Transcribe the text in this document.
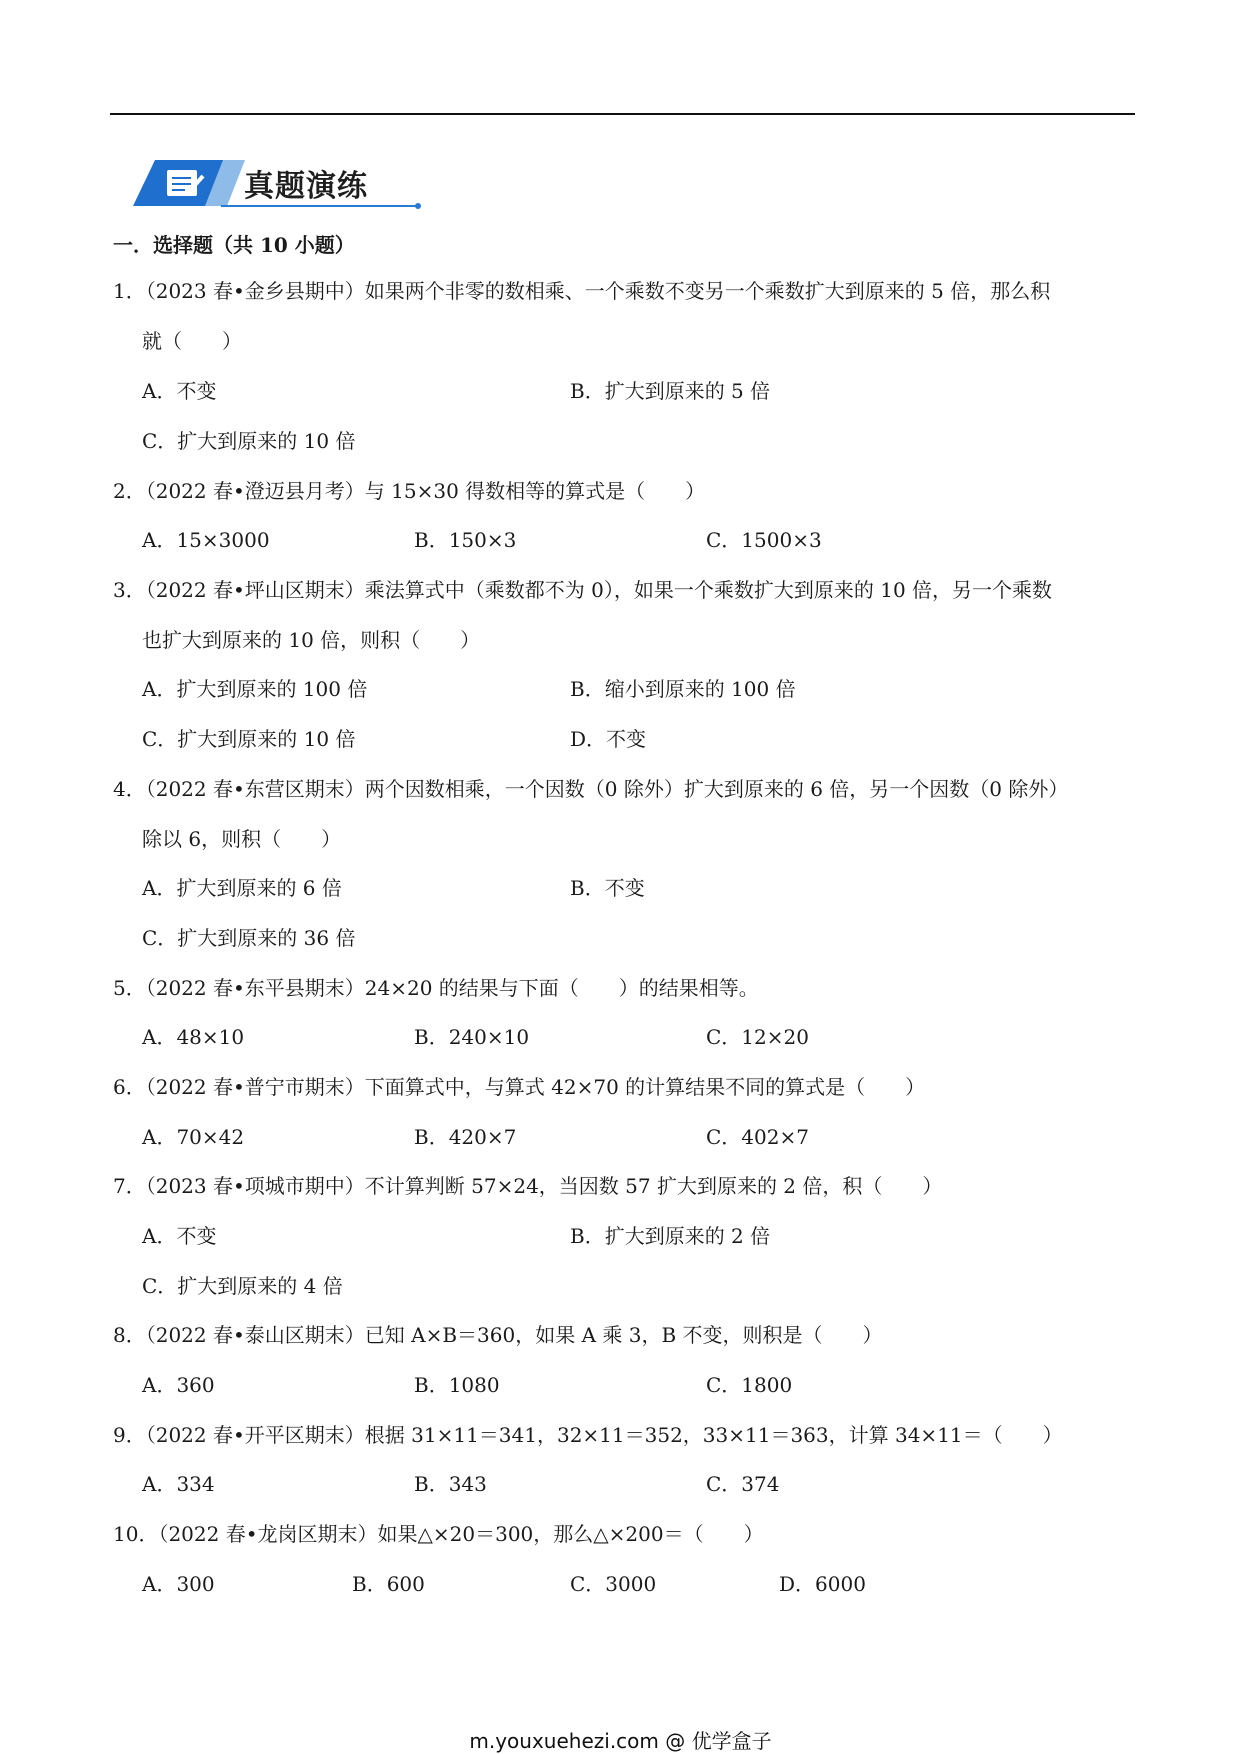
真题演练
一．选择题（共 10 小题）
1．（2023 春•金乡县期中）如果两个非零的数相乘、一个乘数不变另一个乘数扩大到原来的 5 倍，那么积
就（　　）
A．不变	B．扩大到原来的 5 倍
C．扩大到原来的 10 倍
2．（2022 春•澄迈县月考）与 15×30 得数相等的算式是（　　）
A．15×3000	B．150×3	C．1500×3
3．（2022 春•坪山区期末）乘法算式中（乘数都不为 0），如果一个乘数扩大到原来的 10 倍，另一个乘数
也扩大到原来的 10 倍，则积（　　）
A．扩大到原来的 100 倍	B．缩小到原来的 100 倍
C．扩大到原来的 10 倍	D．不变
4．（2022 春•东营区期末）两个因数相乘，一个因数（0 除外）扩大到原来的 6 倍，另一个因数（0 除外）
除以 6，则积（　　）
A．扩大到原来的 6 倍	B．不变
C．扩大到原来的 36 倍
5．（2022 春•东平县期末）24×20 的结果与下面（　　）的结果相等。
A．48×10	B．240×10	C．12×20
6．（2022 春•普宁市期末）下面算式中，与算式 42×70 的计算结果不同的算式是（　　）
A．70×42	B．420×7	C．402×7
7．（2023 春•项城市期中）不计算判断 57×24，当因数 57 扩大到原来的 2 倍，积（　　）
A．不变	B．扩大到原来的 2 倍
C．扩大到原来的 4 倍
8．（2022 春•泰山区期末）已知 A×B＝360，如果 A 乘 3，B 不变，则积是（　　）
A．360	B．1080	C．1800
9．（2022 春•开平区期末）根据 31×11＝341，32×11＝352，33×11＝363，计算 34×11＝（　　）
A．334	B．343	C．374
10．（2022 春•龙岗区期末）如果△×20＝300，那么△×200＝（　　）
A．300	B．600	C．3000	D．6000
m.youxuehezi.com @ 优学盒子
